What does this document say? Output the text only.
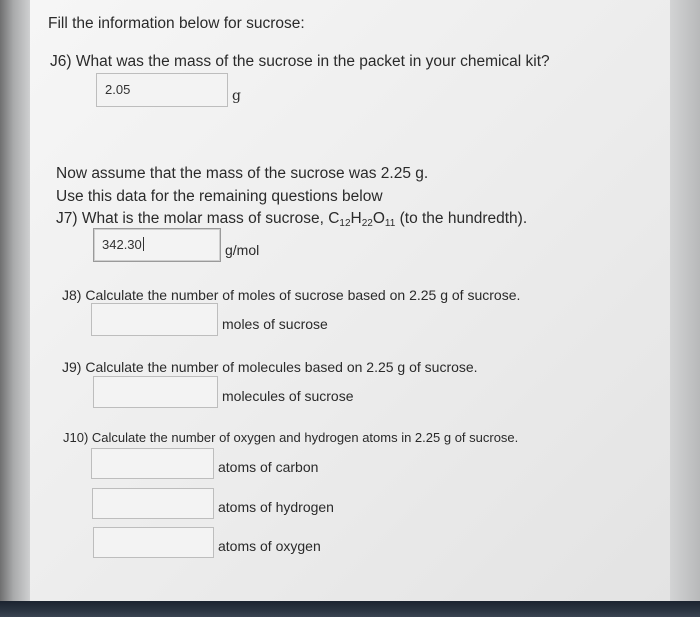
Fill the information below for sucrose:
J6) What was the mass of the sucrose in the packet in your chemical kit?
2.05	g
Now assume that the mass of the sucrose was 2.25 g.
Use this data for the remaining questions below
J7) What is the molar mass of sucrose, $C_{12}H_{22}O_{11}$ (to the hundredth).
342.30	g/mol
J8) Calculate the number of moles of sucrose based on 2.25 g of sucrose.
moles of sucrose
J9) Calculate the number of molecules based on 2.25 g of sucrose.
molecules of sucrose
J10) Calculate the number of oxygen and hydrogen atoms in 2.25 g of sucrose.
atoms of carbon
atoms of hydrogen
atoms of oxygen
